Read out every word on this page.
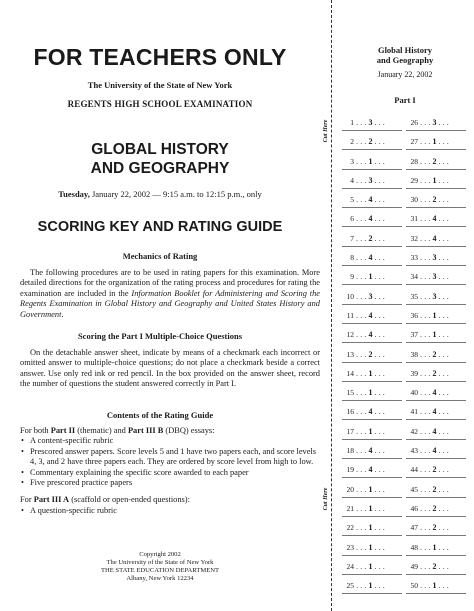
FOR TEACHERS ONLY
The University of the State of New York
REGENTS HIGH SCHOOL EXAMINATION
GLOBAL HISTORY
AND GEOGRAPHY
Tuesday, January 22, 2002 — 9:15 a.m. to 12:15 p.m., only
SCORING KEY AND RATING GUIDE
Mechanics of Rating
The following procedures are to be used in rating papers for this examination. More detailed directions for the organization of the rating process and procedures for rating the examination are included in the Information Booklet for Administering and Scoring the Regents Examination in Global History and Geography and United States History and Government.
Scoring the Part I Multiple-Choice Questions
On the detachable answer sheet, indicate by means of a checkmark each incorrect or omitted answer to multiple-choice questions; do not place a checkmark beside a correct answer. Use only red ink or red pencil. In the box provided on the answer sheet, record the number of questions the student answered correctly in Part I.
Contents of the Rating Guide
For both Part II (thematic) and Part III B (DBQ) essays:
• A content-specific rubric
• Prescored answer papers. Score levels 5 and 1 have two papers each, and score levels 4, 3, and 2 have three papers each. They are ordered by score level from high to low.
• Commentary explaining the specific score awarded to each paper
• Five prescored practice papers
For Part III A (scaffold or open-ended questions):
• A question-specific rubric
Copyright 2002
The University of the State of New York
THE STATE EDUCATION DEPARTMENT
Albany, New York 12234
Cut Here
Cut Here
Global History
and Geography
January 22, 2002
Part I
1 . . . 3 . . .
2 . . . 2 . . .
3 . . . 1 . . .
4 . . . 3 . . .
5 . . . 4 . . .
6 . . . 4 . . .
7 . . . 2 . . .
8 . . . 4 . . .
9 . . . 1 . . .
10 . . . 3 . . .
11 . . . 4 . . .
12 . . . 4 . . .
13 . . . 2 . . .
14 . . . 1 . . .
15 . . . 1 . . .
16 . . . 4 . . .
17 . . . 1 . . .
18 . . . 4 . . .
19 . . . 4 . . .
20 . . . 1 . . .
21 . . . 1 . . .
22 . . . 1 . . .
23 . . . 1 . . .
24 . . . 1 . . .
25 . . . 1 . . .
26 . . . 3 . . .
27 . . . 1 . . .
28 . . . 2 . . .
29 . . . 1 . . .
30 . . . 2 . . .
31 . . . 4 . . .
32 . . . 4 . . .
33 . . . 3 . . .
34 . . . 3 . . .
35 . . . 3 . . .
36 . . . 1 . . .
37 . . . 1 . . .
38 . . . 2 . . .
39 . . . 2 . . .
40 . . . 4 . . .
41 . . . 4 . . .
42 . . . 4 . . .
43 . . . 4 . . .
44 . . . 2 . . .
45 . . . 2 . . .
46 . . . 2 . . .
47 . . . 2 . . .
48 . . . 1 . . .
49 . . . 2 . . .
50 . . . 1 . . .
